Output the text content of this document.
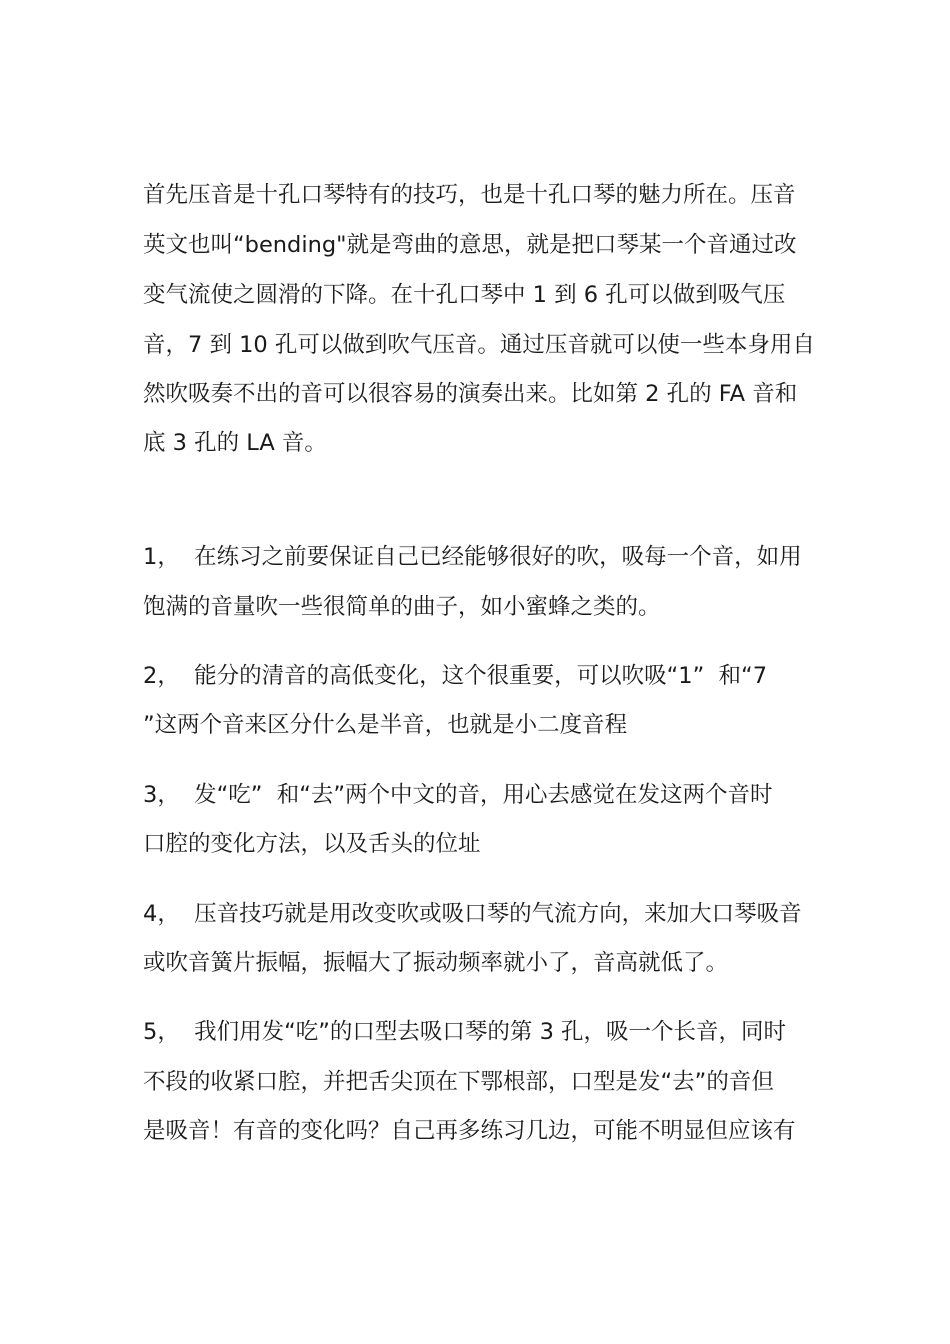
首先压音是十孔口琴特有的技巧，也是十孔口琴的魅力所在。压音
英文也叫“bending"就是弯曲的意思，就是把口琴某一个音通过改
变气流使之圆滑的下降。在十孔口琴中 1 到 6 孔可以做到吸气压
音，7 到 10 孔可以做到吹气压音。通过压音就可以使一些本身用自
然吹吸奏不出的音可以很容易的演奏出来。比如第 2 孔的 FA 音和
底 3 孔的 LA 音。
1，  在练习之前要保证自己已经能够很好的吹，吸每一个音，如用
饱满的音量吹一些很简单的曲子，如小蜜蜂之类的。
2，  能分的清音的高低变化，这个很重要，可以吹吸“1”  和“7
”这两个音来区分什么是半音，也就是小二度音程
3，  发“吃”  和“去”两个中文的音，用心去感觉在发这两个音时
口腔的变化方法，以及舌头的位址
4，  压音技巧就是用改变吹或吸口琴的气流方向，来加大口琴吸音
或吹音簧片振幅，振幅大了振动频率就小了，音高就低了。
5，  我们用发“吃”的口型去吸口琴的第 3 孔，吸一个长音，同时
不段的收紧口腔，并把舌尖顶在下鄂根部，口型是发“去”的音但
是吸音！有音的变化吗？自己再多练习几边，可能不明显但应该有
